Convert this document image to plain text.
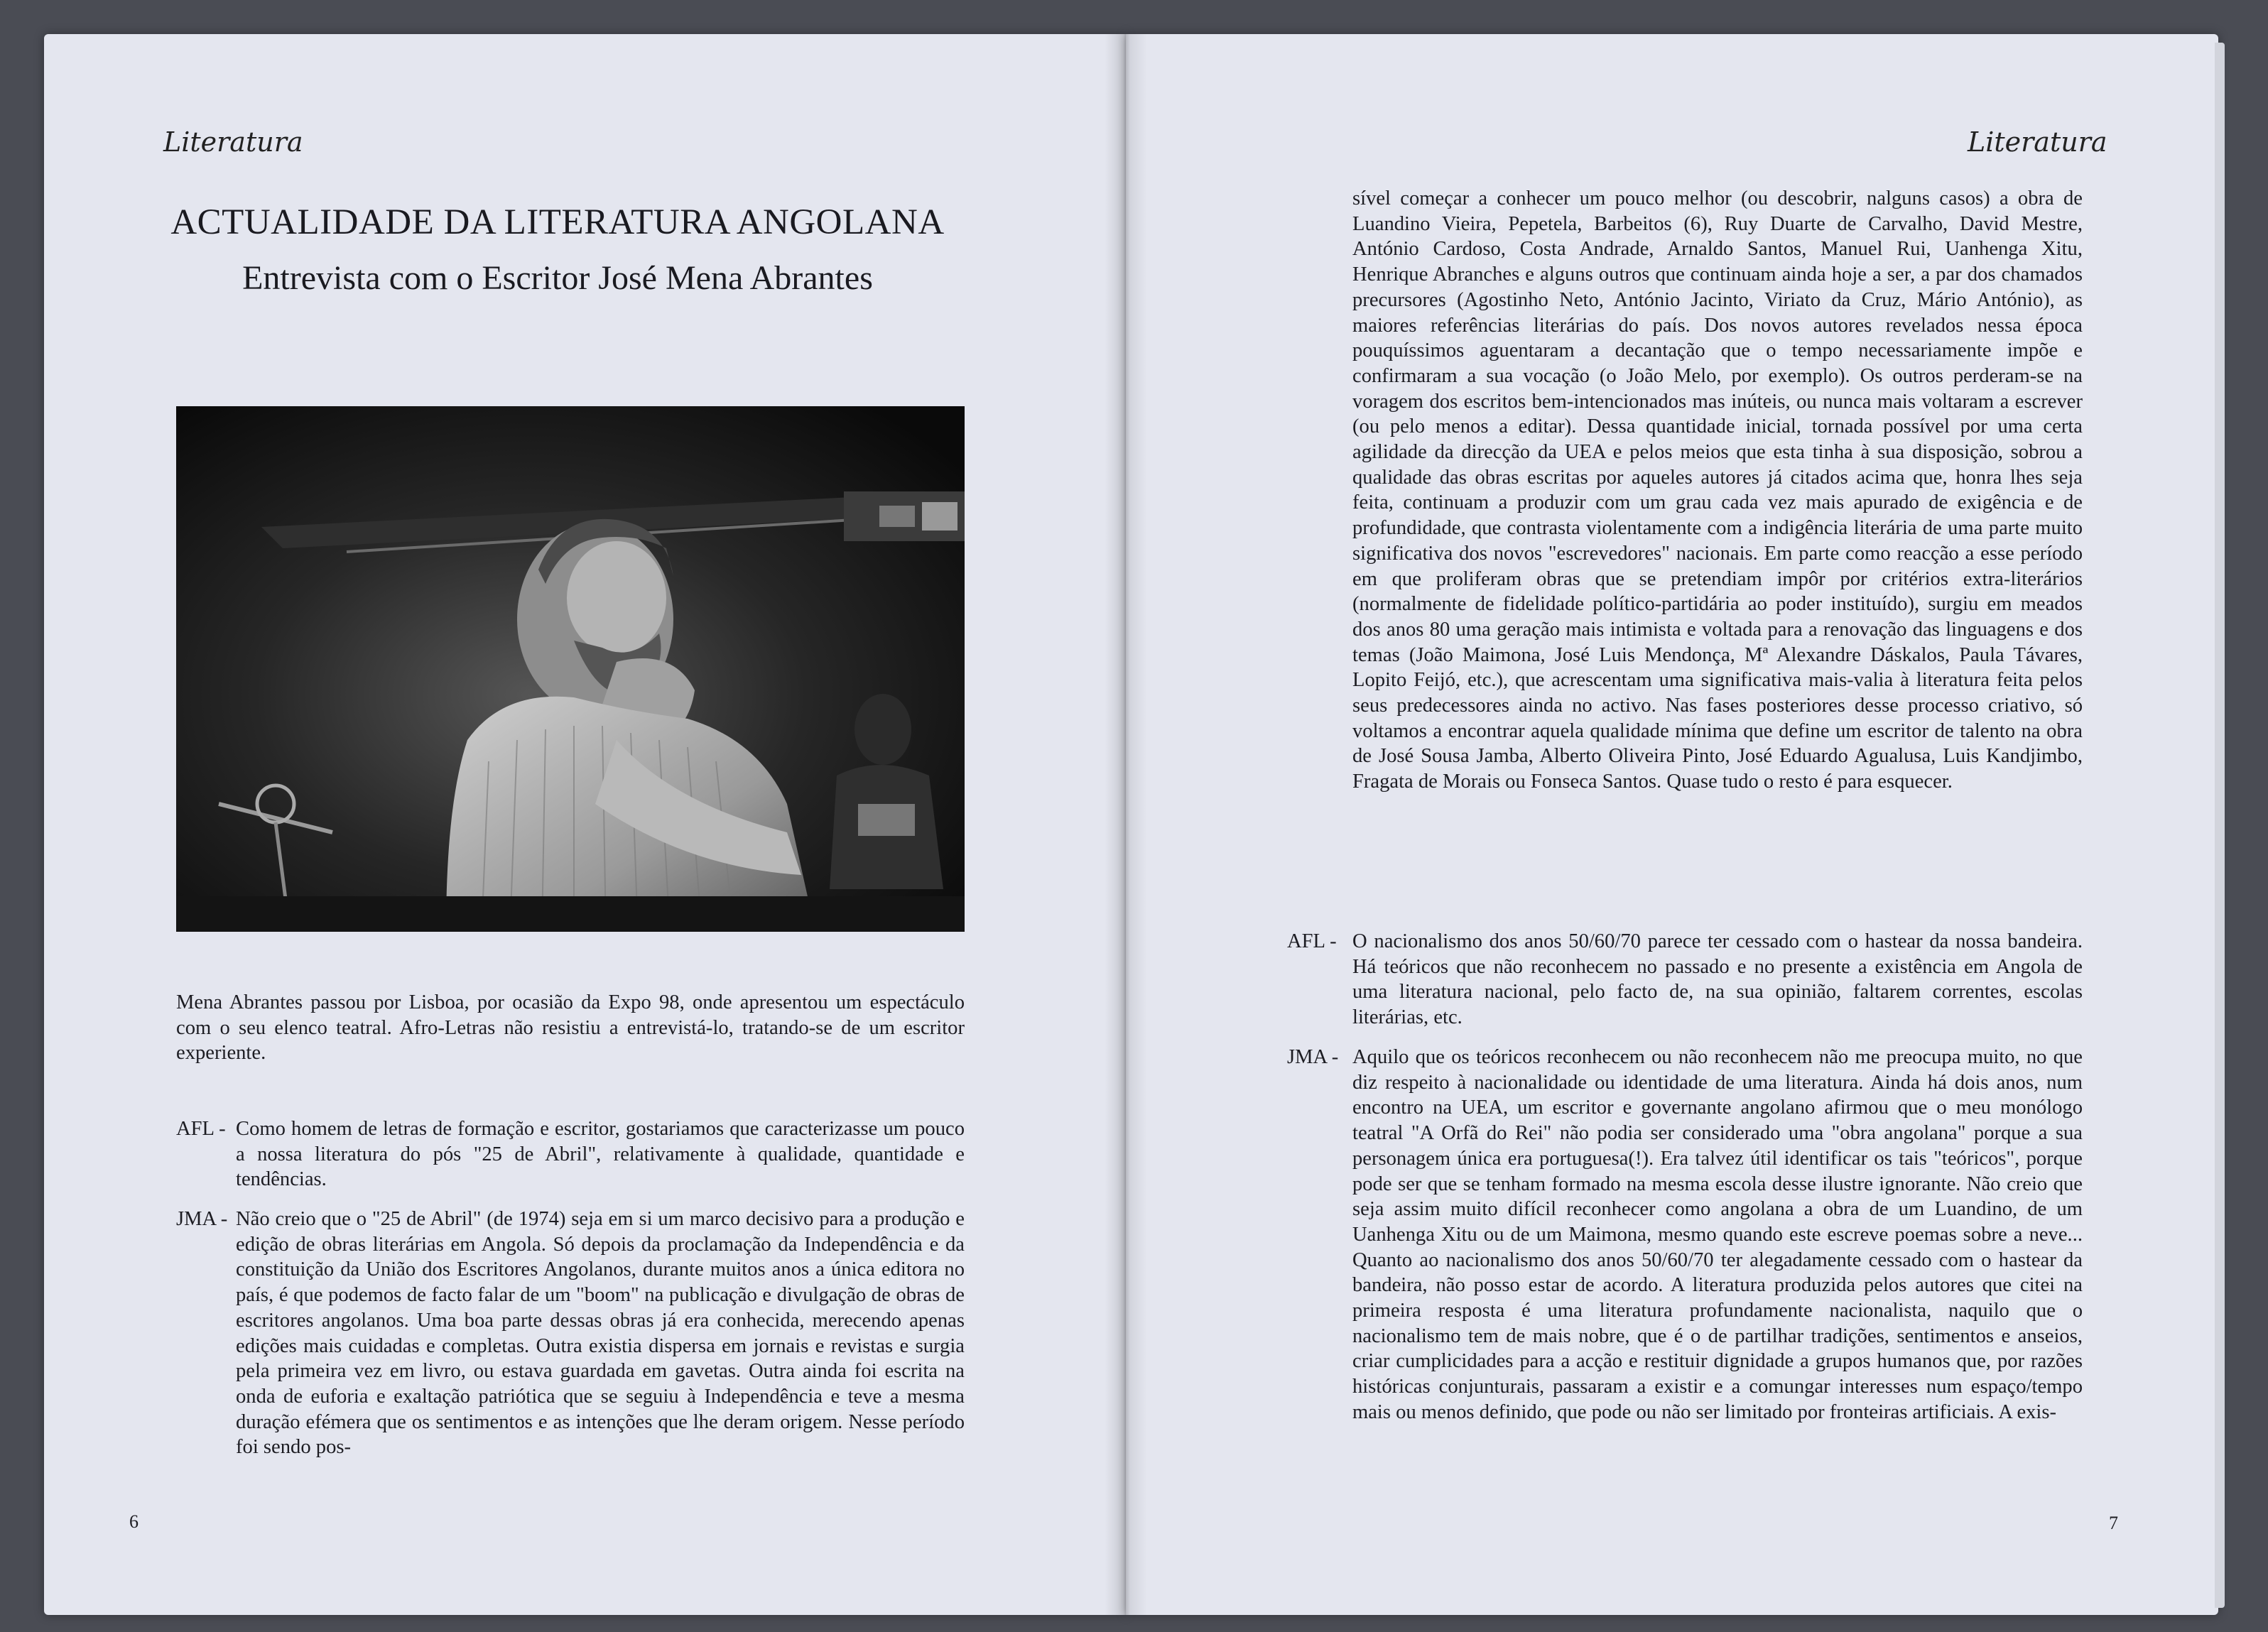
Literatura
ACTUALIDADE DA LITERATURA ANGOLANA
Entrevista com o Escritor José Mena Abrantes
Mena Abrantes passou por Lisboa, por ocasião da Expo 98, onde apresentou um espectáculo com o seu elenco teatral. Afro-Letras não resistiu a entrevistá-lo, tratando-se de um escritor experiente.
AFL - Como homem de letras de formação e escritor, gostariamos que caracterizasse um pouco a nossa literatura do pós "25 de Abril", relativamente à qualidade, quantidade e tendências.
JMA - Não creio que o "25 de Abril" (de 1974) seja em si um marco decisivo para a produção e edição de obras literárias em Angola. Só depois da proclamação da Independência e da constituição da União dos Escritores Angolanos, durante muitos anos a única editora no país, é que podemos de facto falar de um "boom" na publicação e divulgação de obras de escritores angolanos. Uma boa parte dessas obras já era conhecida, merecendo apenas edições mais cuidadas e completas. Outra existia dispersa em jornais e revistas e surgia pela primeira vez em livro, ou estava guardada em gavetas. Outra ainda foi escrita na onda de euforia e exaltação patriótica que se seguiu à Independência e teve a mesma duração efémera que os sentimentos e as intenções que lhe deram origem. Nesse período foi sendo pos-
6
Literatura
sível começar a conhecer um pouco melhor (ou descobrir, nalguns casos) a obra de Luandino Vieira, Pepetela, Barbeitos (6), Ruy Duarte de Carvalho, David Mestre, António Cardoso, Costa Andrade, Arnaldo Santos, Manuel Rui, Uanhenga Xitu, Henrique Abranches e alguns outros que continuam ainda hoje a ser, a par dos chamados precursores (Agostinho Neto, António Jacinto, Viriato da Cruz, Mário António), as maiores referências literárias do país. Dos novos autores revelados nessa época pouquíssimos aguentaram a decantação que o tempo necessariamente impõe e confirmaram a sua vocação (o João Melo, por exemplo). Os outros perderam-se na voragem dos escritos bem-intencionados mas inúteis, ou nunca mais voltaram a escrever (ou pelo menos a editar). Dessa quantidade inicial, tornada possível por uma certa agilidade da direcção da UEA e pelos meios que esta tinha à sua disposição, sobrou a qualidade das obras escritas por aqueles autores já citados acima que, honra lhes seja feita, continuam a produzir com um grau cada vez mais apurado de exigência e de profundidade, que contrasta violentamente com a indigência literária de uma parte muito significativa dos novos "escrevedores" nacionais. Em parte como reacção a esse período em que proliferam obras que se pretendiam impôr por critérios extra-literários (normalmente de fidelidade político-partidária ao poder instituído), surgiu em meados dos anos 80 uma geração mais intimista e voltada para a renovação das linguagens e dos temas (João Maimona, José Luis Mendonça, Mª Alexandre Dáskalos, Paula Távares, Lopito Feijó, etc.), que acrescentam uma significativa mais-valia à literatura feita pelos seus predecessores ainda no activo. Nas fases posteriores desse processo criativo, só voltamos a encontrar aquela qualidade mínima que define um escritor de talento na obra de José Sousa Jamba, Alberto Oliveira Pinto, José Eduardo Agualusa, Luis Kandjimbo, Fragata de Morais ou Fonseca Santos. Quase tudo o resto é para esquecer.
AFL - O nacionalismo dos anos 50/60/70 parece ter cessado com o hastear da nossa bandeira. Há teóricos que não reconhecem no passado e no presente a existência em Angola de uma literatura nacional, pelo facto de, na sua opinião, faltarem correntes, escolas literárias, etc.
JMA - Aquilo que os teóricos reconhecem ou não reconhecem não me preocupa muito, no que diz respeito à nacionalidade ou identidade de uma literatura. Ainda há dois anos, num encontro na UEA, um escritor e governante angolano afirmou que o meu monólogo teatral "A Orfã do Rei" não podia ser considerado uma "obra angolana" porque a sua personagem única era portuguesa(!). Era talvez útil identificar os tais "teóricos", porque pode ser que se tenham formado na mesma escola desse ilustre ignorante. Não creio que seja assim muito difícil reconhecer como angolana a obra de um Luandino, de um Uanhenga Xitu ou de um Maimona, mesmo quando este escreve poemas sobre a neve... Quanto ao nacionalismo dos anos 50/60/70 ter alegadamente cessado com o hastear da bandeira, não posso estar de acordo. A literatura produzida pelos autores que citei na primeira resposta é uma literatura profundamente nacionalista, naquilo que o nacionalismo tem de mais nobre, que é o de partilhar tradições, sentimentos e anseios, criar cumplicidades para a acção e restituir dignidade a grupos humanos que, por razões históricas conjunturais, passaram a existir e a comungar interesses num espaço/tempo mais ou menos definido, que pode ou não ser limitado por fronteiras artificiais. A exis-
7
